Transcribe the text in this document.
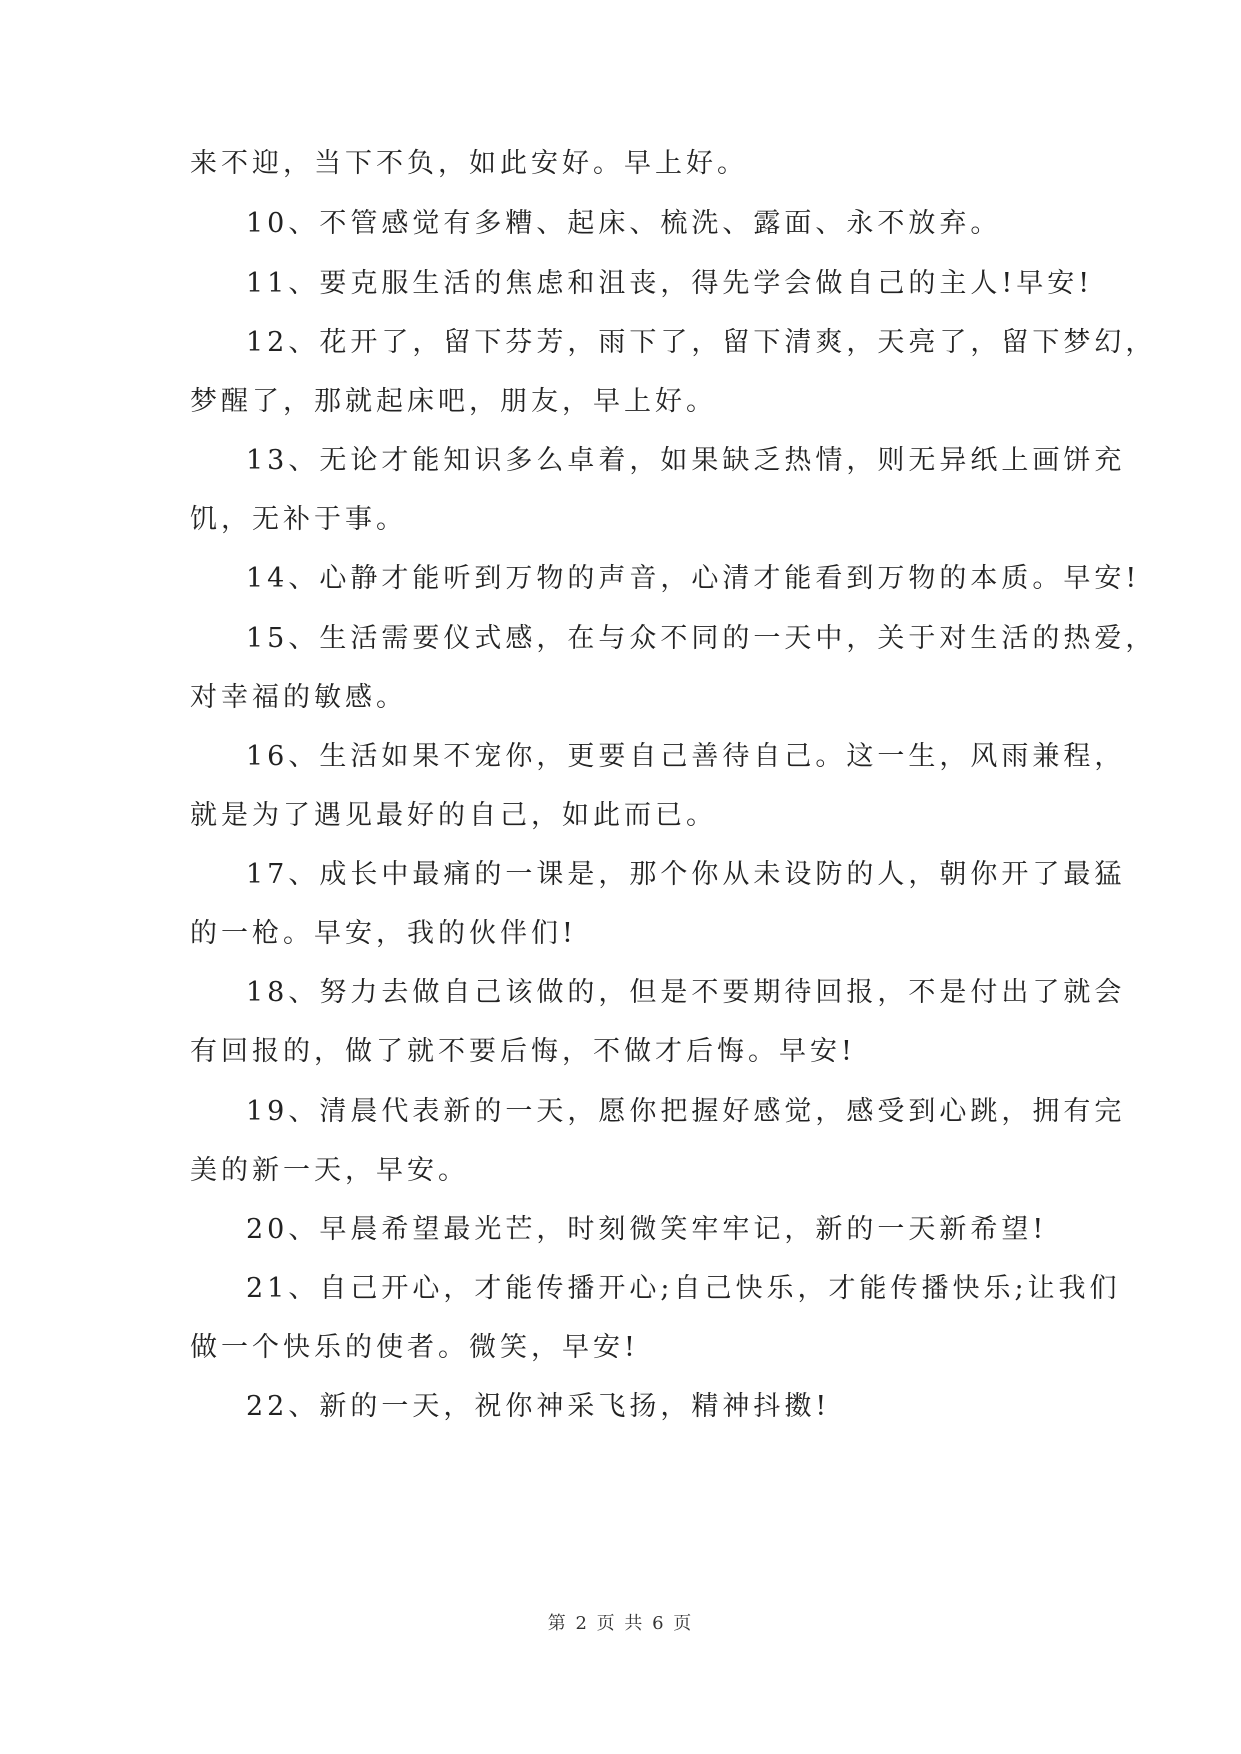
来不迎，当下不负，如此安好。早上好。
10、不管感觉有多糟、起床、梳洗、露面、永不放弃。
11、要克服生活的焦虑和沮丧，得先学会做自己的主人!早安!
12、花开了，留下芬芳，雨下了，留下清爽，天亮了，留下梦幻，
梦醒了，那就起床吧，朋友，早上好。
13、无论才能知识多么卓着，如果缺乏热情，则无异纸上画饼充
饥，无补于事。
14、心静才能听到万物的声音，心清才能看到万物的本质。早安!
15、生活需要仪式感，在与众不同的一天中，关于对生活的热爱，
对幸福的敏感。
16、生活如果不宠你，更要自己善待自己。这一生，风雨兼程，
就是为了遇见最好的自己，如此而已。
17、成长中最痛的一课是，那个你从未设防的人，朝你开了最猛
的一枪。早安，我的伙伴们!
18、努力去做自己该做的，但是不要期待回报，不是付出了就会
有回报的，做了就不要后悔，不做才后悔。早安!
19、清晨代表新的一天，愿你把握好感觉，感受到心跳，拥有完
美的新一天，早安。
20、早晨希望最光芒，时刻微笑牢牢记，新的一天新希望!
21、自己开心，才能传播开心;自己快乐，才能传播快乐;让我们
做一个快乐的使者。微笑，早安!
22、新的一天，祝你神采飞扬，精神抖擞!
第 2 页 共 6 页
